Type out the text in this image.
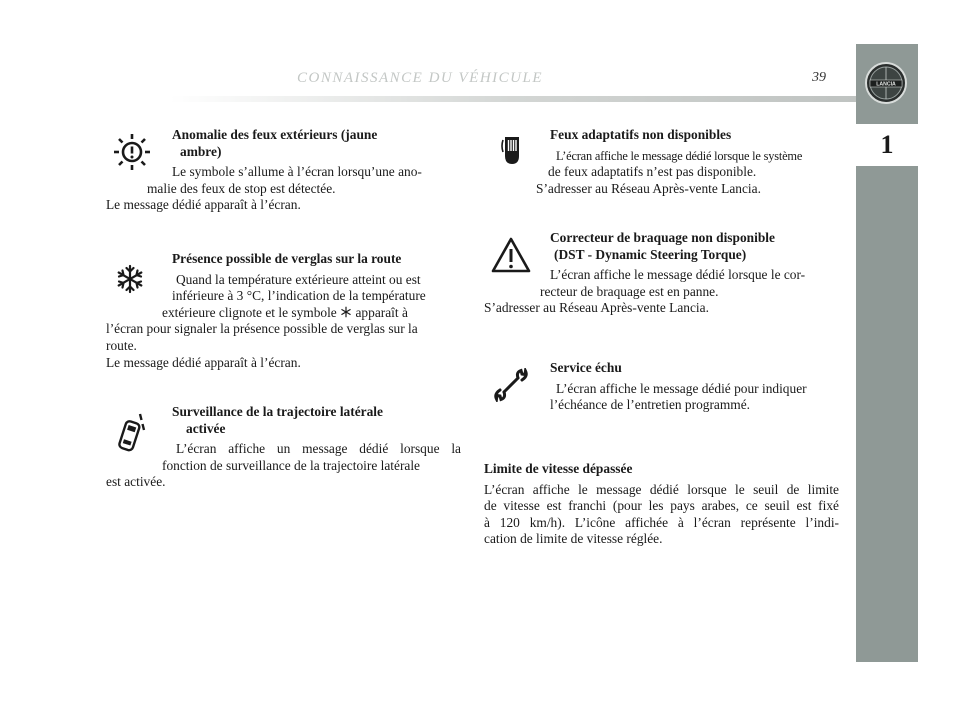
CONNAISSANCE DU VÉHICULE	39	LANCIA
1

Anomalie des feux extérieurs (jaune

ambre)

Le symbole s’allume à l’écran lorsqu’une ano-

malie des feux de stop est détectée.

Le message dédié apparaît à l’écran.

Présence possible de verglas sur la route

Quand la température extérieure atteint ou est

inférieure à 3 °C, l’indication de la température

extérieure clignote et le symbole apparaît à

l’écran pour signaler la présence possible de verglas sur la

route.

Le message dédié apparaît à l’écran.

Surveillance de la trajectoire latérale

activée

L’écran affiche un message dédié lorsque la

fonction de surveillance de la trajectoire latérale

est activée.

Feux adaptatifs non disponibles

L’écran affiche le message dédié lorsque le système

de feux adaptatifs n’est pas disponible.

S’adresser au Réseau Après-vente Lancia.

Correcteur de braquage non disponible

(DST - Dynamic Steering Torque)

L’écran affiche le message dédié lorsque le cor-

recteur de braquage est en panne.

S’adresser au Réseau Après-vente Lancia.

Service échu

L’écran affiche le message dédié pour indiquer

l’échéance de l’entretien programmé.

Limite de vitesse dépassée

L’écran affiche le message dédié lorsque le seuil de limite

de vitesse est franchi (pour les pays arabes, ce seuil est fixé

à 120 km/h). L’icône affichée à l’écran représente l’indi-

cation de limite de vitesse réglée.
